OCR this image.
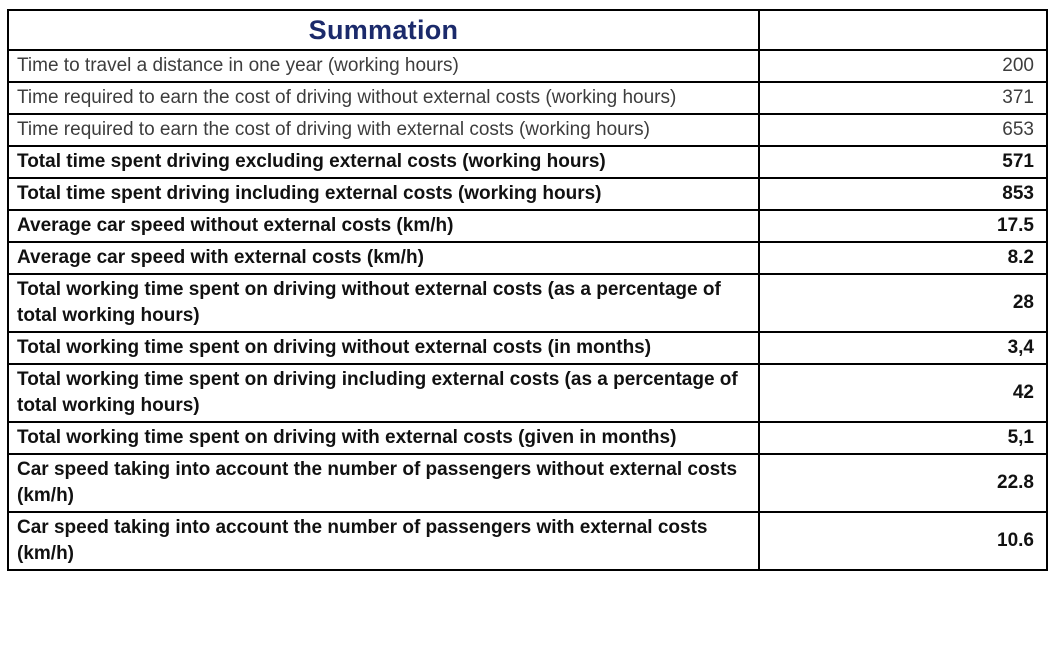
Summation	
Time to travel a distance in one year (working hours)	200
Time required to earn the cost of driving without external costs (working hours)	371
Time required to earn the cost of driving with external costs (working hours)	653
Total time spent driving excluding external costs (working hours)	571
Total time spent driving including external costs (working hours)	853
Average car speed without external costs (km/h)	17.5
Average car speed with external costs (km/h)	8.2
Total working time spent on driving without external costs (as a percentage of total working hours)	28
Total working time spent on driving without external costs (in months)	3,4
Total working time spent on driving including external costs (as a percentage of total working hours)	42
Total working time spent on driving with external costs (given in months)	5,1
Car speed taking into account the number of passengers without external costs (km/h)	22.8
Car speed taking into account the number of passengers with external costs (km/h)	10.6
